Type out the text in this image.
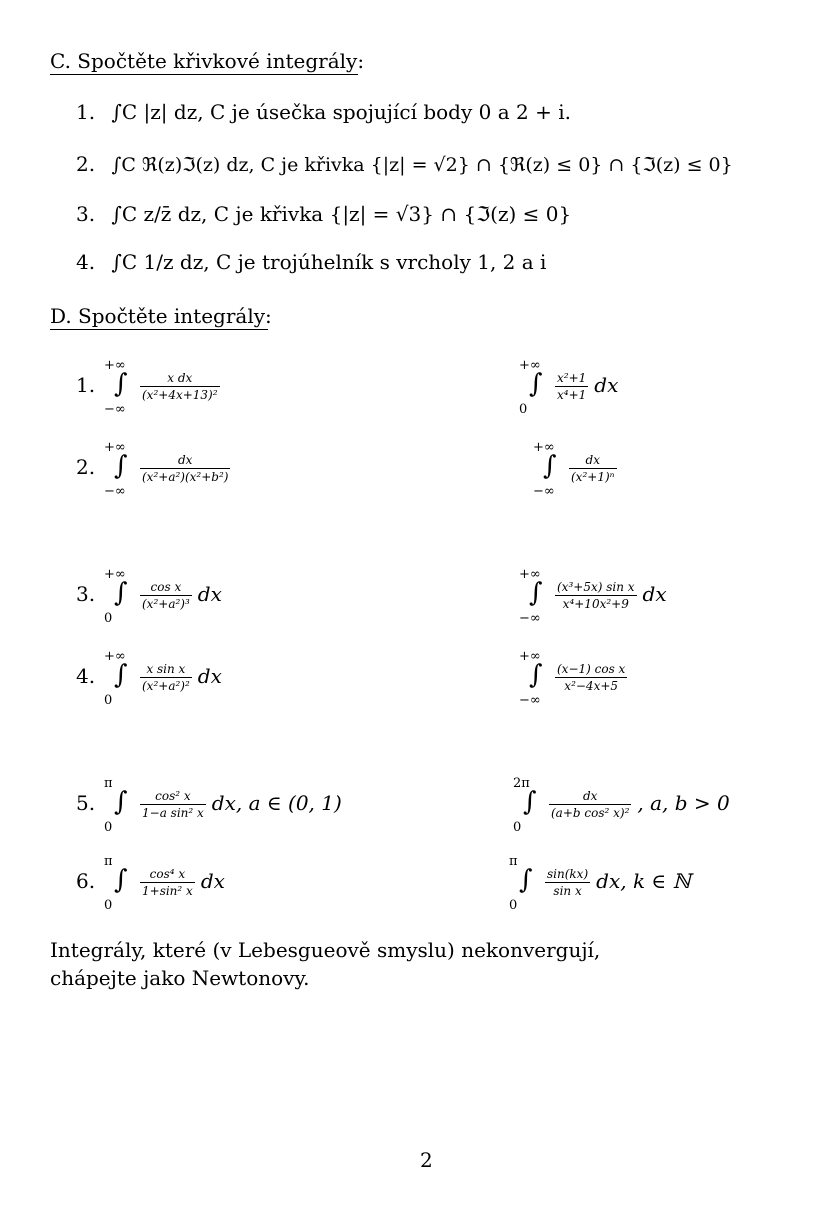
C. Spočtěte křivkové integrály:
1. ∫C |z| dz, C je úsečka spojující body 0 a 2 + i.
2. ∫C ℜ(z)ℑ(z) dz, C je křivka {|z| = √2} ∩ {ℜ(z) ≤ 0} ∩ {ℑ(z) ≤ 0}
3. ∫C z/z̄ dz, C je křivka {|z| = √3} ∩ {ℑ(z) ≤ 0}
4. ∫C 1/z dz, C je trojúhelník s vrcholy 1, 2 a i
D. Spočtěte integrály:
1.
+∞
∫
−∞
$\frac{\text{x dx}}{\text{(x²+4x+13)²}}$
+∞
∫
0
$\frac{\text{x²+1}}{\text{x⁴+1}}$ dx
2.
+∞
∫
−∞
$\frac{dx}{\text{(x²+a²)(x²+b²)}}$
+∞
∫
−∞
$\frac{dx}{\text{(x²+1)ⁿ}}$
3.
+∞
∫
0
$\frac{\text{cos x}}{\text{(x²+a²)³}}$ dx
+∞
∫
−∞
$\frac{\text{(x³+5x) sin x}}{\text{x⁴+10x²+9}}$ dx
4.
+∞
∫
0
$\frac{\text{x sin x}}{\text{(x²+a²)²}}$ dx
+∞
∫
−∞
$\frac{\text{(x−1) cos x}}{\text{x²−4x+5}}$
5.
π
∫
0
$\frac{\text{cos² x}}{\text{1−a sin² x}}$ dx, a ∈ (0, 1)
2π
∫
0
$\frac{dx}{\text{(a+b cos² x)²}}$ , a, b > 0
6.
π
∫
0
$\frac{\text{cos⁴ x}}{\text{1+sin² x}}$ dx
π
∫
0
$\frac{\sin(kx)}{\text{sin x}}$ dx, k ∈ ℕ
Integrály, které (v Lebesgueově smyslu) nekonvergují,
chápejte jako Newtonovy.
2
